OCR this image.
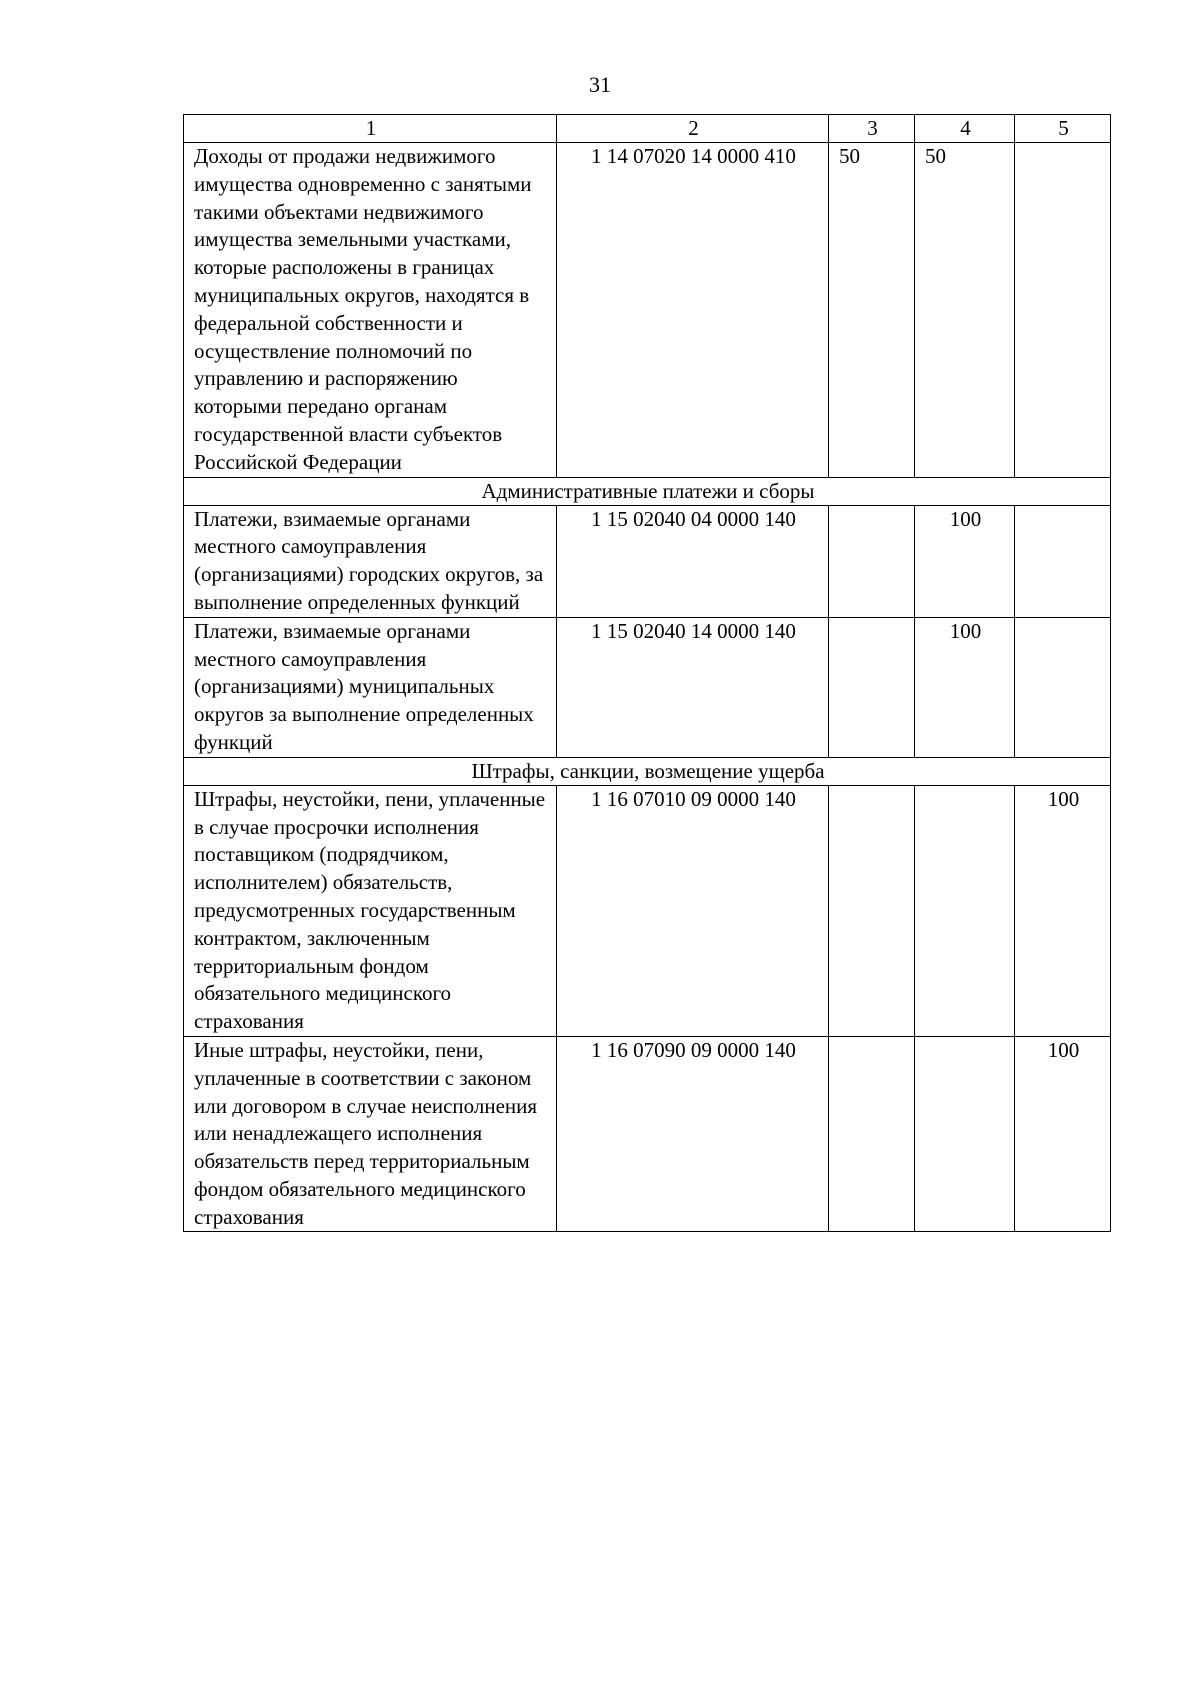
31
1	2	3	4	5
Доходы от продажи недвижимого имущества одновременно с занятыми такими объектами недвижимого имущества земельными участками, которые расположены в границах муниципальных округов, находятся в федеральной собственности и осуществление полномочий по управлению и распоряжению которыми передано органам государственной власти субъектов Российской Федерации	1 14 07020 14 0000 410	50	50	
Административные платежи и сборы				
Платежи, взимаемые органами местного самоуправления (организациями) городских округов, за выполнение определенных функций	1 15 02040 04 0000 140		100	
Платежи, взимаемые органами местного самоуправления (организациями) муниципальных округов за выполнение определенных функций	1 15 02040 14 0000 140		100	
Штрафы, санкции, возмещение ущерба				
Штрафы, неустойки, пени, уплаченные в случае просрочки исполнения поставщиком (подрядчиком, исполнителем) обязательств, предусмотренных государственным контрактом, заключенным территориальным фондом обязательного медицинского страхования	1 16 07010 09 0000 140			100
Иные штрафы, неустойки, пени, уплаченные в соответствии с законом или договором в случае неисполнения или ненадлежащего исполнения обязательств перед территориальным фондом обязательного медицинского страхования	1 16 07090 09 0000 140			100
